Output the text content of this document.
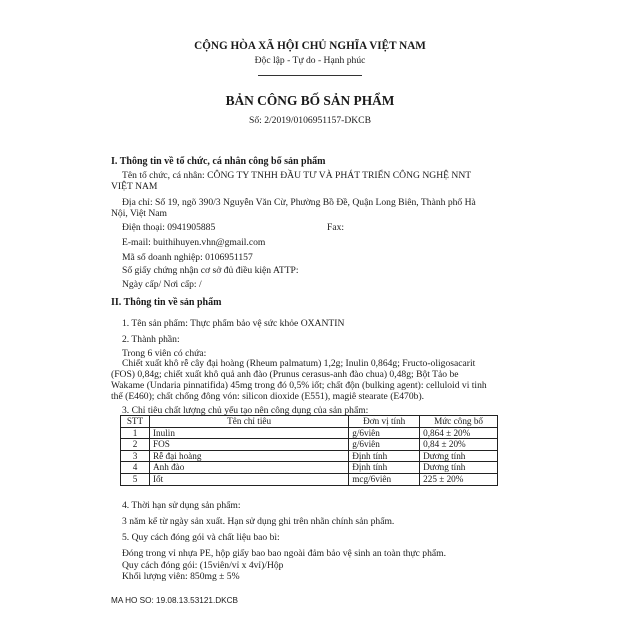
CỘNG HÒA XÃ HỘI CHỦ NGHĨA VIỆT NAM
Độc lập - Tự do - Hạnh phúc
BẢN CÔNG BỐ SẢN PHẨM
Số: 2/2019/0106951157-DKCB
I. Thông tin về tổ chức, cá nhân công bố sản phẩm
Tên tổ chức, cá nhân: CÔNG TY TNHH ĐẦU TƯ VÀ PHÁT TRIỂN CÔNG NGHỆ NNT
VIỆT NAM
Địa chỉ: Số 19, ngõ 390/3 Nguyễn Văn Cừ, Phường Bồ Đề, Quận Long Biên, Thành phố Hà
Nội, Việt Nam
Điện thoại: 0941905885	Fax:
E-mail: buithihuyen.vhn@gmail.com
Mã số doanh nghiệp: 0106951157
Số giấy chứng nhận cơ sở đủ điều kiện ATTP:
Ngày cấp/ Nơi cấp: /
II. Thông tin về sản phẩm
1. Tên sản phẩm: Thực phẩm bảo vệ sức khỏe OXANTIN
2. Thành phần:
Trong 6 viên có chứa:
Chiết xuất khô rễ cây đại hoàng (Rheum palmatum) 1,2g; Inulin 0,864g; Fructo-oligosacarit
(FOS) 0,84g; chiết xuất khô quả anh đào (Prunus cerasus-anh đào chua) 0,48g; Bột Tảo be
Wakame (Undaria pinnatifida) 45mg trong đó 0,5% iốt; chất độn (bulking agent): celluloid vi tinh
thể (E460); chất chống đông vón: silicon dioxide (E551), magiê stearate (E470b).
3. Chỉ tiêu chất lượng chủ yếu tạo nên công dụng của sản phẩm:
STT	Tên chỉ tiêu	Đơn vị tính	Mức công bố
1	Inulin	g/6viên	0,864 ± 20%
2	FOS	g/6viên	0,84 ± 20%
3	Rễ đại hoàng	Định tính	Dương tính
4	Anh đào	Định tính	Dương tính
5	Iốt	mcg/6viên	225 ± 20%
4. Thời hạn sử dụng sản phẩm:
3 năm kể từ ngày sản xuất. Hạn sử dụng ghi trên nhãn chính sản phẩm.
5. Quy cách đóng gói và chất liệu bao bì:
Đóng trong vỉ nhựa PE, hộp giấy bao bao ngoài đảm bảo vệ sinh an toàn thực phẩm.
Quy cách đóng gói: (15viên/vỉ x 4vỉ)/Hộp
Khối lượng viên: 850mg ± 5%
MA HO SO: 19.08.13.53121.DKCB
